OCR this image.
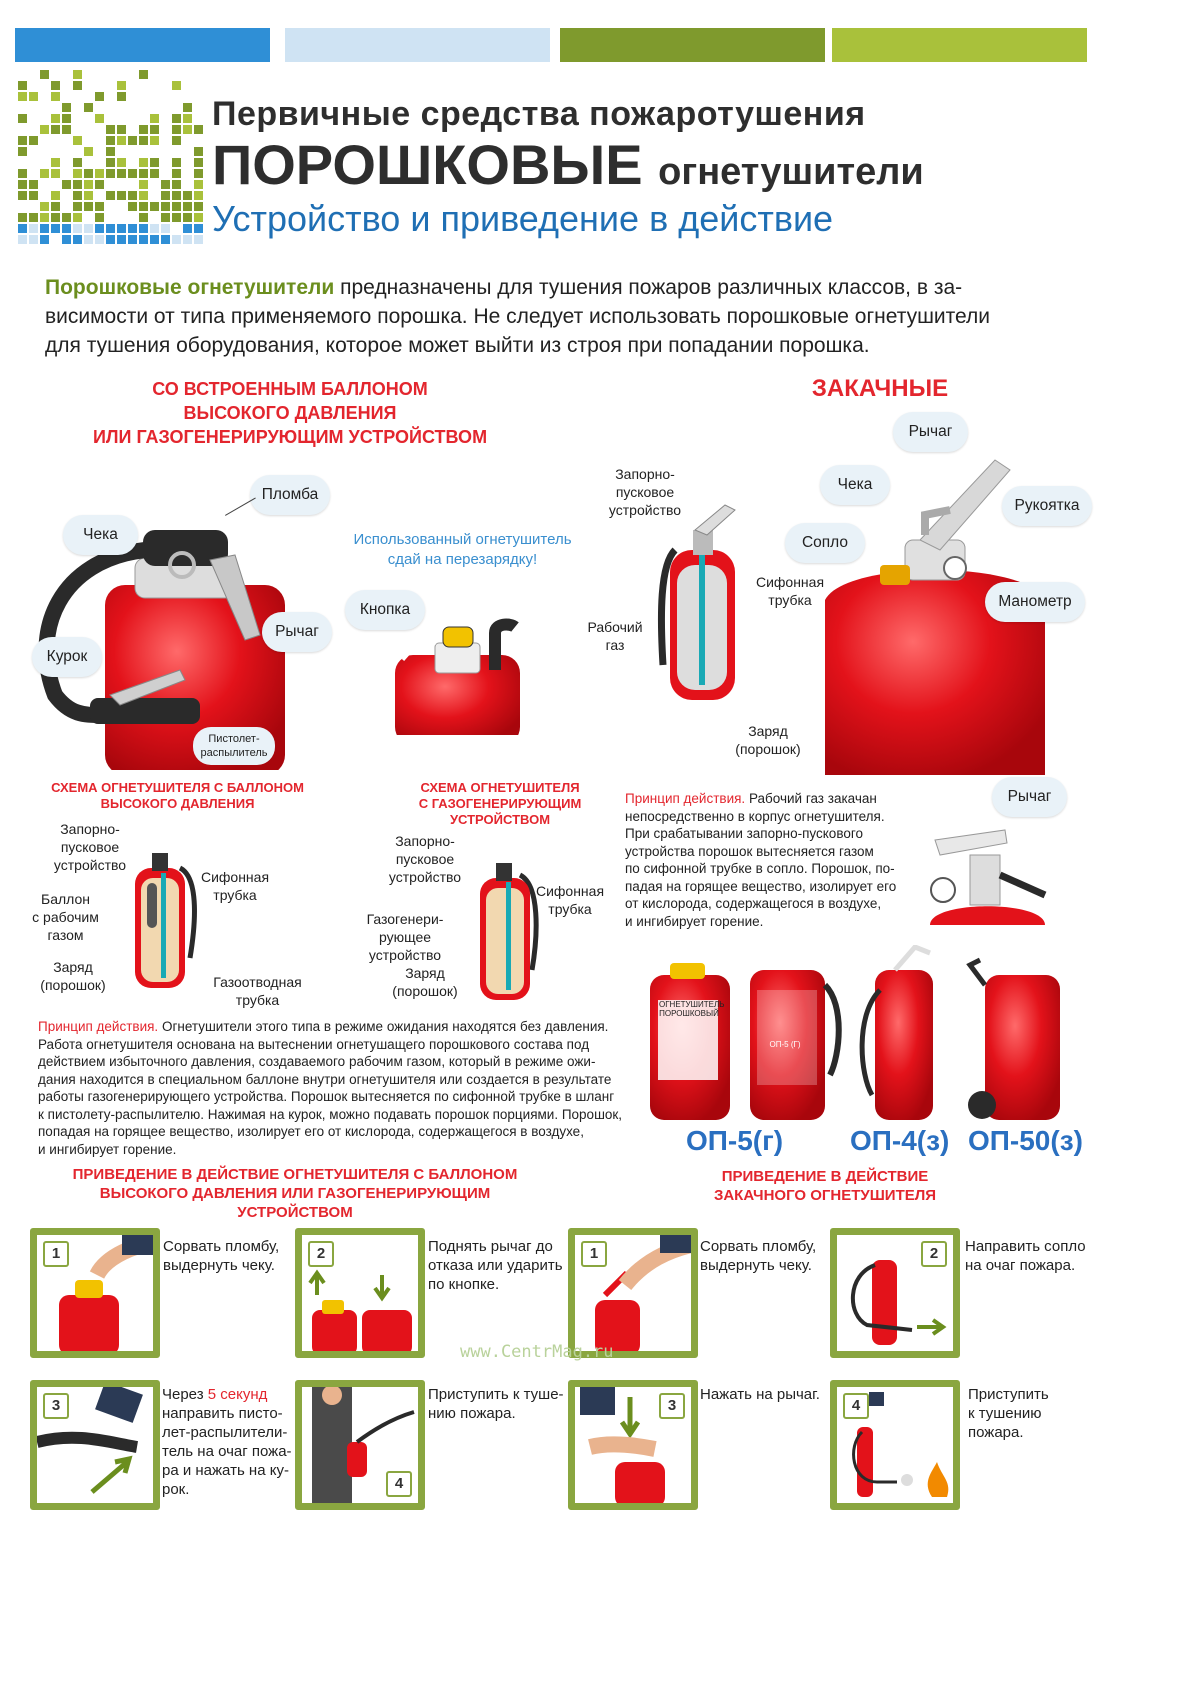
Первичные средства пожаротушения
ПОРОШКОВЫЕ огнетушители
Устройство и приведение в действие
Порошковые огнетушители предназначены для тушения пожаров различных классов, в за-
висимости от типа применяемого порошка. Не следует использовать порошковые огнетушители
для тушения оборудования, которое может выйти из строя при попадании порошка.
СО ВСТРОЕННЫМ БАЛЛОНОМ
ВЫСОКОГО ДАВЛЕНИЯ
ИЛИ ГАЗОГЕНЕРИРУЮЩИМ УСТРОЙСТВОМ
ЗАКАЧНЫЕ
Пломба
Чека
Рычаг
Курок
Пистолет-
распылитель
Использованный огнетушитель
сдай на перезарядку!
Кнопка
Запорно-
пусковое
устройство
Сифонная
трубка
Рабочий
газ
Заряд
(порошок)
Рычаг
Чека
Рукоятка
Сопло
Манометр
СХЕМА ОГНЕТУШИТЕЛЯ С БАЛЛОНОМ
ВЫСОКОГО ДАВЛЕНИЯ
Запорно-
пусковое
устройство
Баллон
с рабочим
газом
Заряд
(порошок)
Сифонная
трубка
Газоотводная
трубка
СХЕМА ОГНЕТУШИТЕЛЯ
С ГАЗОГЕНЕРИРУЮЩИМ
УСТРОЙСТВОМ
Запорно-
пусковое
устройство
Газогенери-
рующее
устройство
Заряд
(порошок)
Сифонная
трубка
Принцип действия. Рабочий газ закачан
непосредственно в корпус огнетушителя.
При срабатывании запорно-пускового
устройства порошок вытесняется газом
по сифонной трубке в сопло. Порошок, по-
падая на горящее вещество, изолирует его
от кислорода, содержащегося в воздухе,
и ингибирует горение.
Рычаг
Принцип действия. Огнетушители этого типа в режиме ожидания находятся без давления.
Работа огнетушителя основана на вытеснении огнетушащего порошкового состава под
действием избыточного давления, создаваемого рабочим газом, который в режиме ожи-
дания находится в специальном баллоне внутри огнетушителя или создается в результате
работы газогенерирующего устройства. Порошок вытесняется по сифонной трубке в шланг
к пистолету-распылителю. Нажимая на курок, можно подавать порошок порциями. Порошок,
попадая на горящее вещество, изолирует его от кислорода, содержащегося в воздухе,
и ингибирует горение.
ОГНЕТУШИТЕЛЬ ПОРОШКОВЫЙ
ОП-5 (Г)
ОП-5(г) ОП-4(з) ОП-50(з)
ПРИВЕДЕНИЕ В ДЕЙСТВИЕ ОГНЕТУШИТЕЛЯ С БАЛЛОНОМ
ВЫСОКОГО ДАВЛЕНИЯ ИЛИ ГАЗОГЕНЕРИРУЮЩИМ
УСТРОЙСТВОМ
ПРИВЕДЕНИЕ В ДЕЙСТВИЕ
ЗАКАЧНОГО ОГНЕТУШИТЕЛЯ
1	Сорвать пломбу,
выдернуть чеку.
2	Поднять рычаг до
отказа или ударить
по кнопке.
3
Через 5 секунд
направить писто-
лет-распылители-
тель на очаг пожа-
ра и нажать на ку-
рок.	4
Приступить к туше-
нию пожара.
1	Сорвать пломбу,
выдернуть чеку.
2	Направить сопло
на очаг пожара.
3
Нажать на рычаг.
4
Приступить
к тушению
пожара.
www.CentrMag.ru
